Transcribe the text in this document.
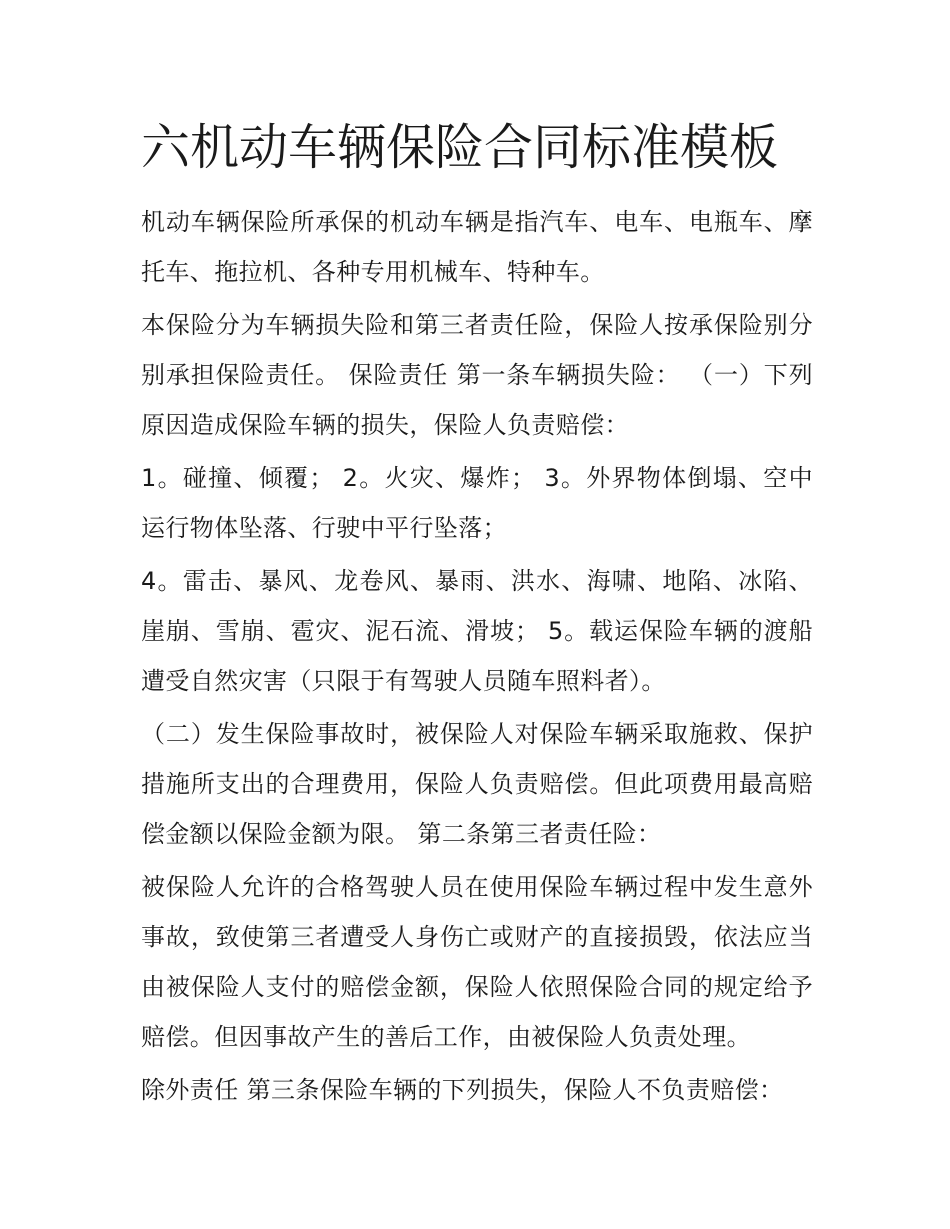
六机动车辆保险合同标准模板

机动车辆保险所承保的机动车辆是指汽车、电车、电瓶车、摩托车、拖拉机、各种专用机械车、特种车。

本保险分为车辆损失险和第三者责任险，保险人按承保险别分别承担保险责任。 保险责任 第一条车辆损失险： （一）下列原因造成保险车辆的损失，保险人负责赔偿：

1。碰撞、倾覆； 2。火灾、爆炸； 3。外界物体倒塌、空中运行物体坠落、行驶中平行坠落；

4。雷击、暴风、龙卷风、暴雨、洪水、海啸、地陷、冰陷、崖崩、雪崩、雹灾、泥石流、滑坡； 5。载运保险车辆的渡船遭受自然灾害（只限于有驾驶人员随车照料者）。

（二）发生保险事故时，被保险人对保险车辆采取施救、保护措施所支出的合理费用，保险人负责赔偿。但此项费用最高赔偿金额以保险金额为限。 第二条第三者责任险：

被保险人允许的合格驾驶人员在使用保险车辆过程中发生意外事故，致使第三者遭受人身伤亡或财产的直接损毁，依法应当由被保险人支付的赔偿金额，保险人依照保险合同的规定给予赔偿。但因事故产生的善后工作，由被保险人负责处理。

除外责任 第三条保险车辆的下列损失，保险人不负责赔偿：
